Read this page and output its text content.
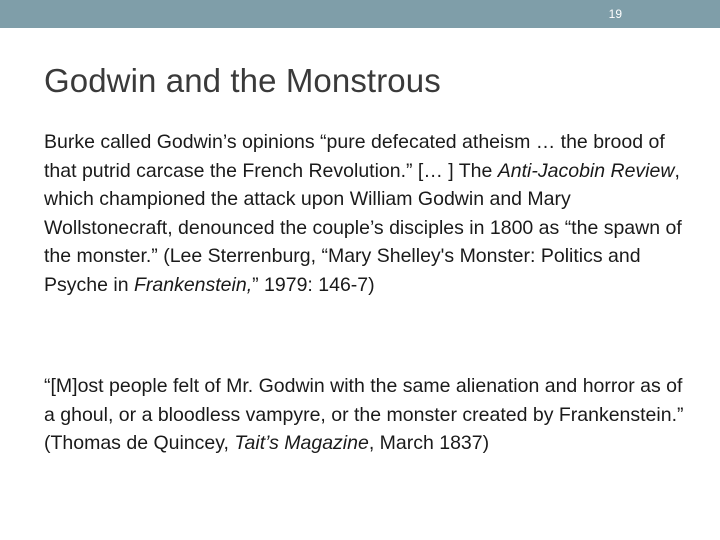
19
Godwin and the Monstrous

Burke called Godwin’s opinions “pure defecated atheism … the brood of that putrid carcase the French Revolution.” [… ] The Anti-Jacobin Review, which championed the attack upon William Godwin and Mary Wollstonecraft, denounced the couple’s disciples in 1800 as “the spawn of the monster.” (Lee Sterrenburg, “Mary Shelley's Monster: Politics and Psyche in Frankenstein,” 1979: 146-7)

“[M]ost people felt of Mr. Godwin with the same alienation and horror as of a ghoul, or a bloodless vampyre, or the monster created by Frankenstein.” (Thomas de Quincey, Tait’s Magazine, March 1837)
